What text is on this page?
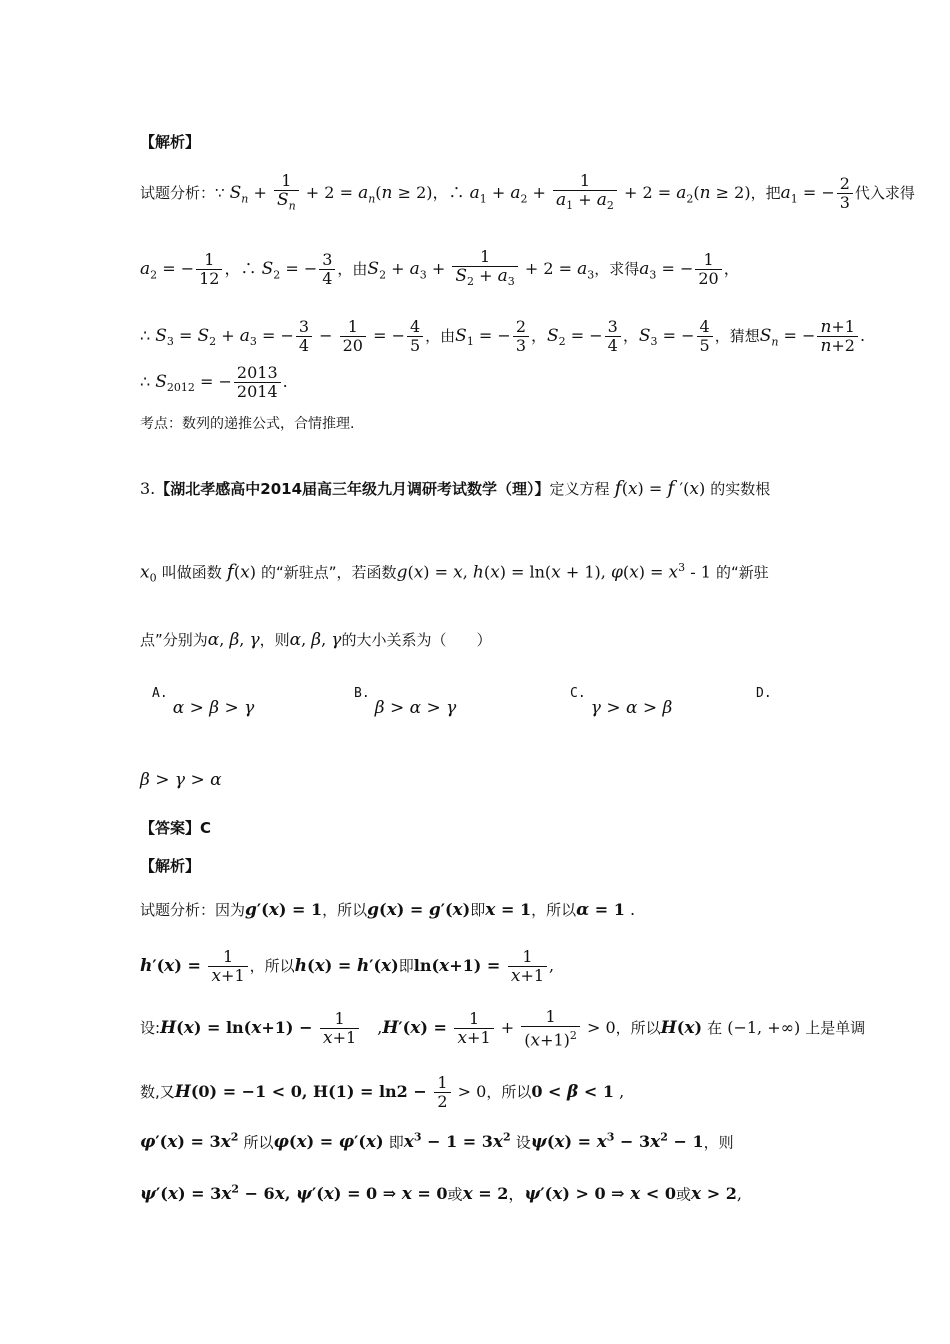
【解析】
试题分析：∵ $S_n + \frac{1}{S_n} + 2 = a_n(n \ge 2)$，∴ $a_1 + a_2 + \frac{1}{a_1 + a_2} + 2 = a_2(n \ge 2)$，把$a_1$ = − $\frac{2}{3}$ 代入求得
$a_2$ = − $\frac{1}{12}$ ，∴ $S_2$ = − $\frac{3}{4}$ ，由$S_2 + a_3 + \frac{1}{S_2 + a_3} + 2 = a_3$，求得$a_3$ = − $\frac{1}{20}$ ，
∴ $S_3 = S_2 + a_3$ = − $\frac{3}{4} - \frac{1}{20}$ = − $\frac{4}{5}$ ，由$S_1$ = − $\frac{2}{3}$ ，$S_2$ = − $\frac{3}{4}$ ，$S_3$ = − $\frac{4}{5}$ ，猜想$S_n$ = − $\frac{n+1}{n+2}$ .
∴ $S_{2012}$ = − $\frac{2013}{2014}$ .
考点：数列的递推公式，合情推理.
3.【湖北孝感高中2014届高三年级九月调研考试数学（理）】定义方程 f(x) = f ′(x) 的实数根
$x_0$ 叫做函数 f(x) 的“新驻点”，若函数g(x) = x, h(x) = ln(x + 1), $\varphi(x) = x^3 - 1$ 的“新驻
点”分别为α, β, γ，则α, β, γ的大小关系为（　　）
$^{A.}$ α > β > γ
$^{B.}$ β > α > γ
$^{C.}$ γ > α > β
$^{D.}$
β > γ > α
【答案】C
【解析】
试题分析：因为g′(x) = 1，所以g(x) = g′(x)即x = 1，所以α = 1 .
$h'(x) = \frac{1}{x+1}$ ，所以h(x) = h′(x)即$\ln(x+1) = \frac{1}{x+1}$ ,
设:H(x) = $\ln(x+1) - \frac{1}{x+1}$ 　$,H'(x) = \frac{1}{x+1} + \frac{1}{(x+1)^2} > 0$，所以H(x) 在 (−1, +∞) 上是单调
数,又H(0) = −1 < 0, $H(1) = \ln 2 - \frac{1}{2} > 0$，所以0 < β < 1 ,
$\varphi'(x) = 3x^2$ 所以φ(x) = φ′(x) 即$x^3 - 1 = 3x^2$ 设$\psi(x) = x^3 - 3x^2 - 1$，则
$\psi'(x) = 3x^2 - 6x$, ψ′(x) = 0 ⇒ x = 0或x = 2，ψ′(x) > 0 ⇒ x < 0或x > 2,
